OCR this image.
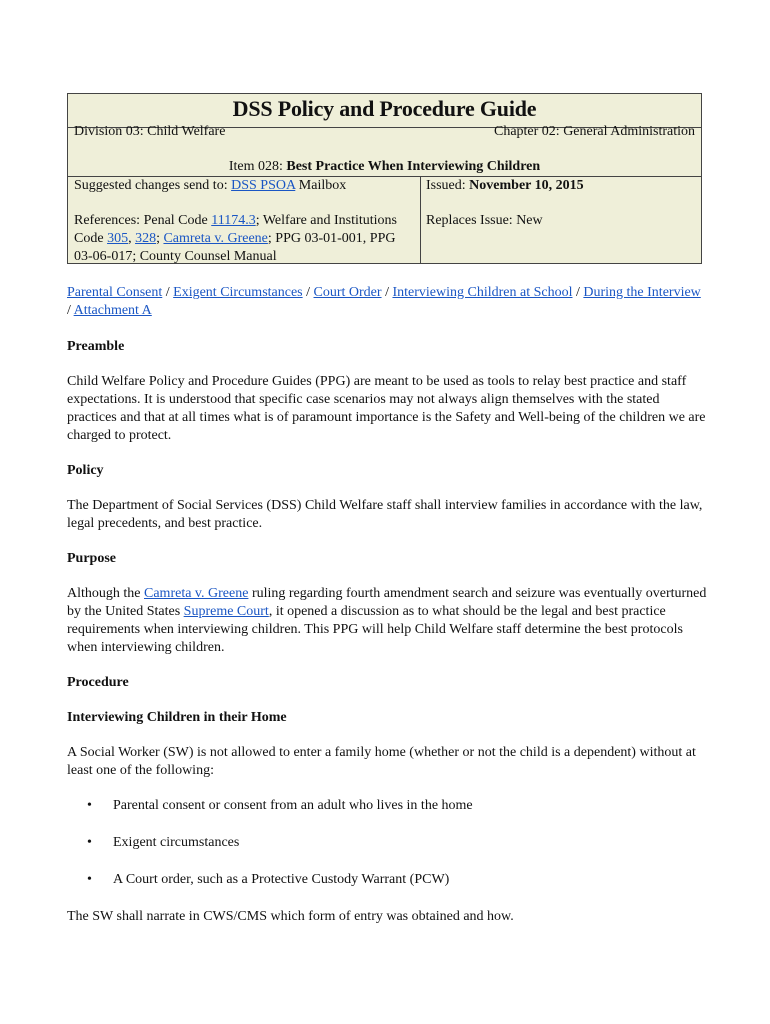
DSS Policy and Procedure Guide
Division 03: Child Welfare	Chapter 02: General Administration
Item 028: Best Practice When Interviewing Children
Suggested changes send to: DSS PSOA Mailbox
References: Penal Code 11174.3; Welfare and Institutions Code 305, 328; Camreta v. Greene; PPG 03-01-001, PPG 03-06-017; County Counsel Manual
Issued: November 10, 2015
Replaces Issue: New

Parental Consent / Exigent Circumstances / Court Order / Interviewing Children at School / During the Interview / Attachment A

Preamble

Child Welfare Policy and Procedure Guides (PPG) are meant to be used as tools to relay best practice and staff expectations. It is understood that specific case scenarios may not always align themselves with the stated practices and that at all times what is of paramount importance is the Safety and Well-being of the children we are charged to protect.

Policy

The Department of Social Services (DSS) Child Welfare staff shall interview families in accordance with the law, legal precedents, and best practice.

Purpose

Although the Camreta v. Greene ruling regarding fourth amendment search and seizure was eventually overturned by the United States Supreme Court, it opened a discussion as to what should be the legal and best practice requirements when interviewing children. This PPG will help Child Welfare staff determine the best protocols when interviewing children.

Procedure
Interviewing Children in their Home

A Social Worker (SW) is not allowed to enter a family home (whether or not the child is a dependent) without at least one of the following:

• Parental consent or consent from an adult who lives in the home
• Exigent circumstances
• A Court order, such as a Protective Custody Warrant (PCW)

The SW shall narrate in CWS/CMS which form of entry was obtained and how.
